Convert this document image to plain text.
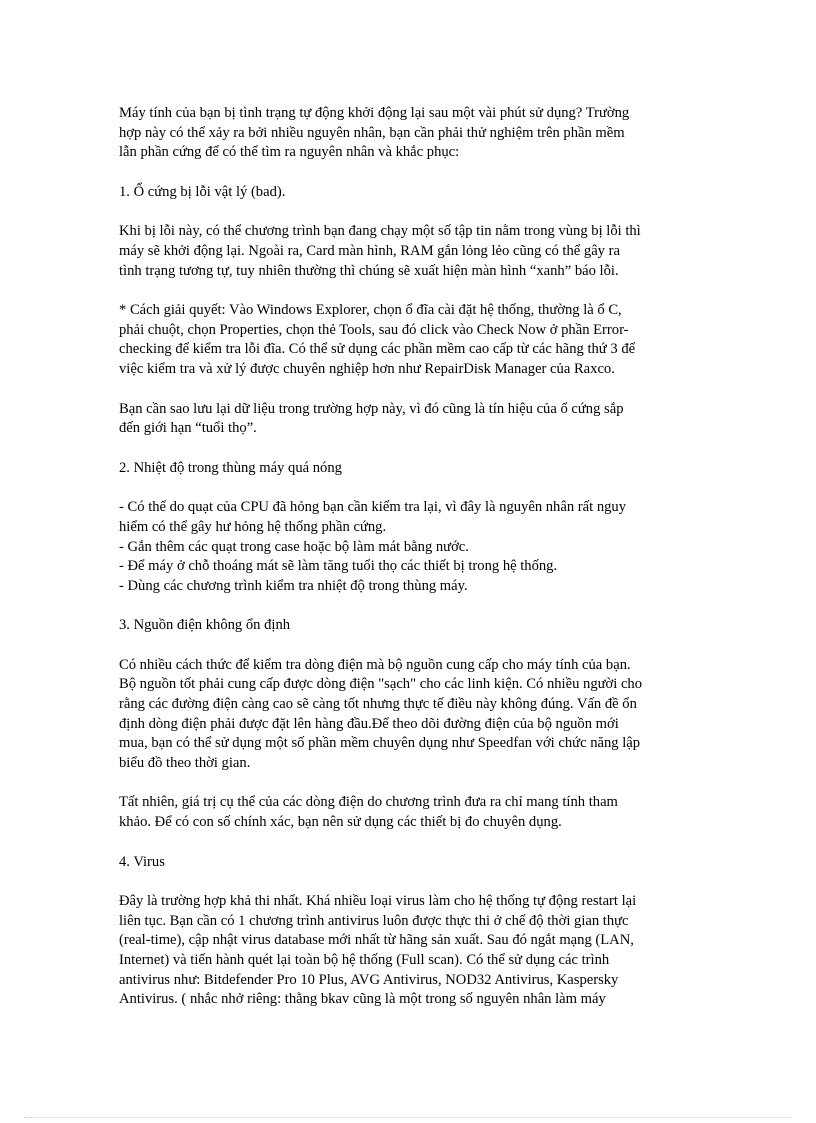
Máy tính của bạn bị tình trạng tự động khởi động lại sau một vài phút sử dụng? Trường
hợp này có thể xảy ra bởi nhiều nguyên nhân, bạn cần phải thử nghiệm trên phần mềm
lẫn phần cứng để có thể tìm ra nguyên nhân và khắc phục:

1. Ổ cứng bị lỗi vật lý (bad).

Khi bị lỗi này, có thể chương trình bạn đang chạy một số tập tin nằm trong vùng bị lỗi thì
máy sẽ khởi động lại. Ngoài ra, Card màn hình, RAM gắn lỏng lẻo cũng có thể gây ra
tình trạng tương tự, tuy nhiên thường thì chúng sẽ xuất hiện màn hình “xanh” báo lỗi.

* Cách giải quyết: Vào Windows Explorer, chọn ổ đĩa cài đặt hệ thống, thường là ổ C,
phải chuột, chọn Properties, chọn thẻ Tools, sau đó click vào Check Now ở phần Error-
checking để kiểm tra lỗi đĩa. Có thể sử dụng các phần mềm cao cấp từ các hãng thứ 3 để
việc kiểm tra và xử lý được chuyên nghiệp hơn như RepairDisk Manager của Raxco.

Bạn cần sao lưu lại dữ liệu trong trường hợp này, vì đó cũng là tín hiệu của ổ cứng sắp
đến giới hạn “tuổi thọ”.

2. Nhiệt độ trong thùng máy quá nóng

- Có thể do quạt của CPU đã hỏng bạn cần kiểm tra lại, vì đây là nguyên nhân rất nguy
hiểm có thể gây hư hỏng hệ thống phần cứng.
- Gắn thêm các quạt trong case hoặc bộ làm mát bằng nước.
- Để máy ở chỗ thoáng mát sẽ làm tăng tuổi thọ các thiết bị trong hệ thống.
- Dùng các chương trình kiểm tra nhiệt độ trong thùng máy.

3. Nguồn điện không ổn định

Có nhiều cách thức để kiểm tra dòng điện mà bộ nguồn cung cấp cho máy tính của bạn.
Bộ nguồn tốt phải cung cấp được dòng điện "sạch" cho các linh kiện. Có nhiều người cho
rằng các đường điện càng cao sẽ càng tốt nhưng thực tế điều này không đúng. Vấn đề ổn
định dòng điện phải được đặt lên hàng đầu.Để theo dõi đường điện của bộ nguồn mới
mua, bạn có thể sử dụng một số phần mềm chuyên dụng như Speedfan với chức năng lập
biểu đồ theo thời gian.

Tất nhiên, giá trị cụ thể của các dòng điện do chương trình đưa ra chỉ mang tính tham
khảo. Để có con số chính xác, bạn nên sử dụng các thiết bị đo chuyên dụng.

4. Virus

Đây là trường hợp khả thi nhất. Khá nhiều loại virus làm cho hệ thống tự động restart lại
liên tục. Bạn cần có 1 chương trình antivirus luôn được thực thi ở chế độ thời gian thực
(real-time), cập nhật virus database mới nhất từ hãng sản xuất. Sau đó ngắt mạng (LAN,
Internet) và tiến hành quét lại toàn bộ hệ thống (Full scan). Có thể sử dụng các trình
antivirus như: Bitdefender Pro 10 Plus, AVG Antivirus, NOD32 Antivirus, Kaspersky
Antivirus. ( nhắc nhở riêng: thằng bkav cũng là một trong số nguyên nhân làm máy
